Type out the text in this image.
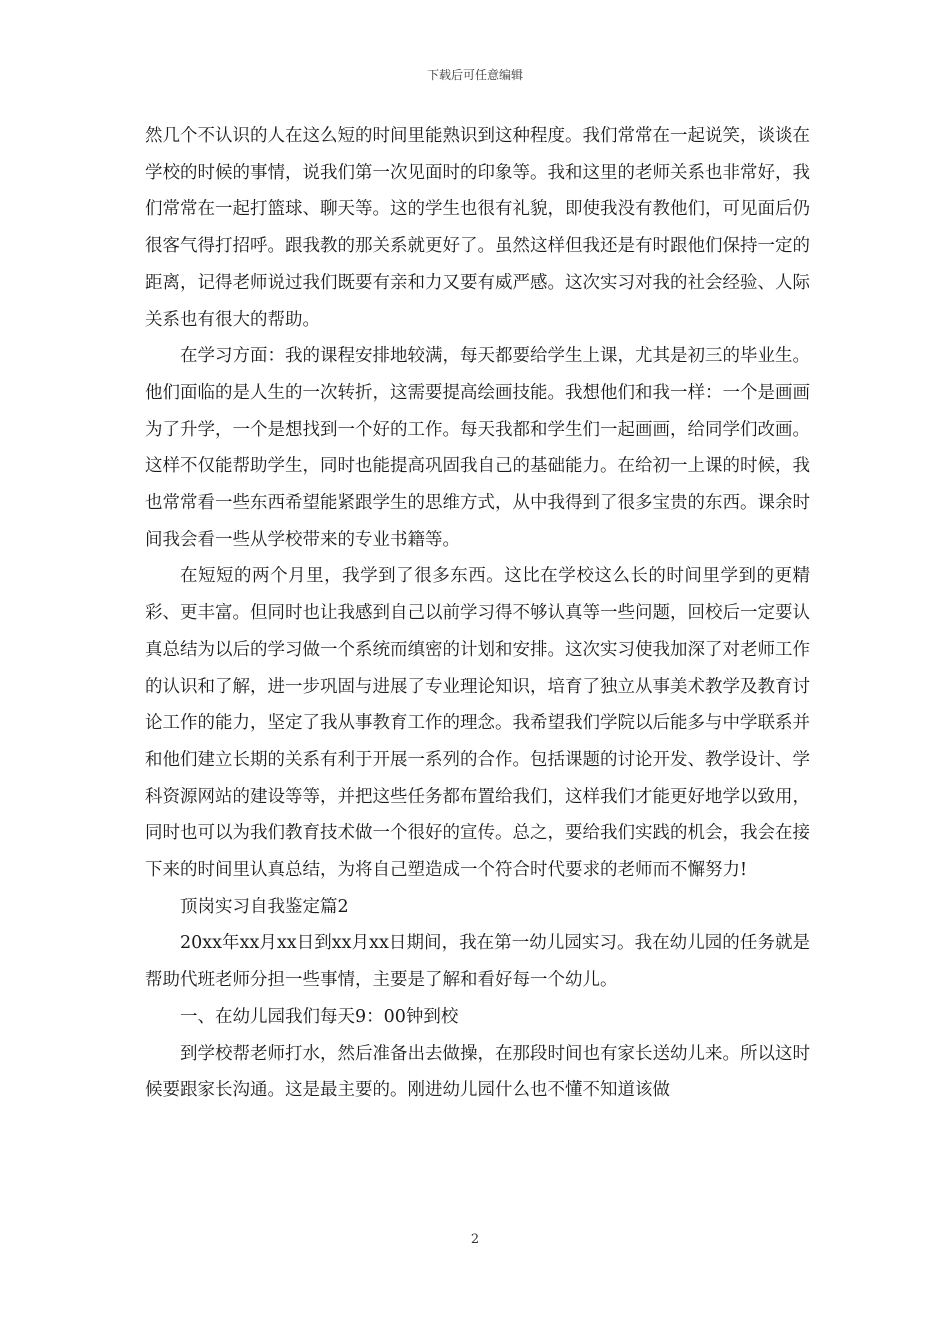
下载后可任意编辑

然几个不认识的人在这么短的时间里能熟识到这种程度。我们常常在一起说笑，谈谈在学校的时候的事情，说我们第一次见面时的印象等。我和这里的老师关系也非常好，我们常常在一起打篮球、聊天等。这的学生也很有礼貌，即使我没有教他们，可见面后仍很客气得打招呼。跟我教的那关系就更好了。虽然这样但我还是有时跟他们保持一定的距离，记得老师说过我们既要有亲和力又要有威严感。这次实习对我的社会经验、人际关系也有很大的帮助。

在学习方面：我的课程安排地较满，每天都要给学生上课，尤其是初三的毕业生。他们面临的是人生的一次转折，这需要提高绘画技能。我想他们和我一样：一个是画画为了升学，一个是想找到一个好的工作。每天我都和学生们一起画画，给同学们改画。这样不仅能帮助学生，同时也能提高巩固我自己的基础能力。在给初一上课的时候，我也常常看一些东西希望能紧跟学生的思维方式，从中我得到了很多宝贵的东西。课余时间我会看一些从学校带来的专业书籍等。

在短短的两个月里，我学到了很多东西。这比在学校这么长的时间里学到的更精彩、更丰富。但同时也让我感到自己以前学习得不够认真等一些问题，回校后一定要认真总结为以后的学习做一个系统而缜密的计划和安排。这次实习使我加深了对老师工作的认识和了解，进一步巩固与进展了专业理论知识，培育了独立从事美术教学及教育讨论工作的能力，坚定了我从事教育工作的理念。我希望我们学院以后能多与中学联系并和他们建立长期的关系有利于开展一系列的合作。包括课题的讨论开发、教学设计、学科资源网站的建设等等，并把这些任务都布置给我们，这样我们才能更好地学以致用，同时也可以为我们教育技术做一个很好的宣传。总之，要给我们实践的机会，我会在接下来的时间里认真总结，为将自己塑造成一个符合时代要求的老师而不懈努力!

顶岗实习自我鉴定篇2

20xx年xx月xx日到xx月xx日期间，我在第一幼儿园实习。我在幼儿园的任务就是帮助代班老师分担一些事情，主要是了解和看好每一个幼儿。

一、在幼儿园我们每天9：00钟到校

到学校帮老师打水，然后准备出去做操，在那段时间也有家长送幼儿来。所以这时候要跟家长沟通。这是最主要的。刚进幼儿园什么也不懂不知道该做

2
